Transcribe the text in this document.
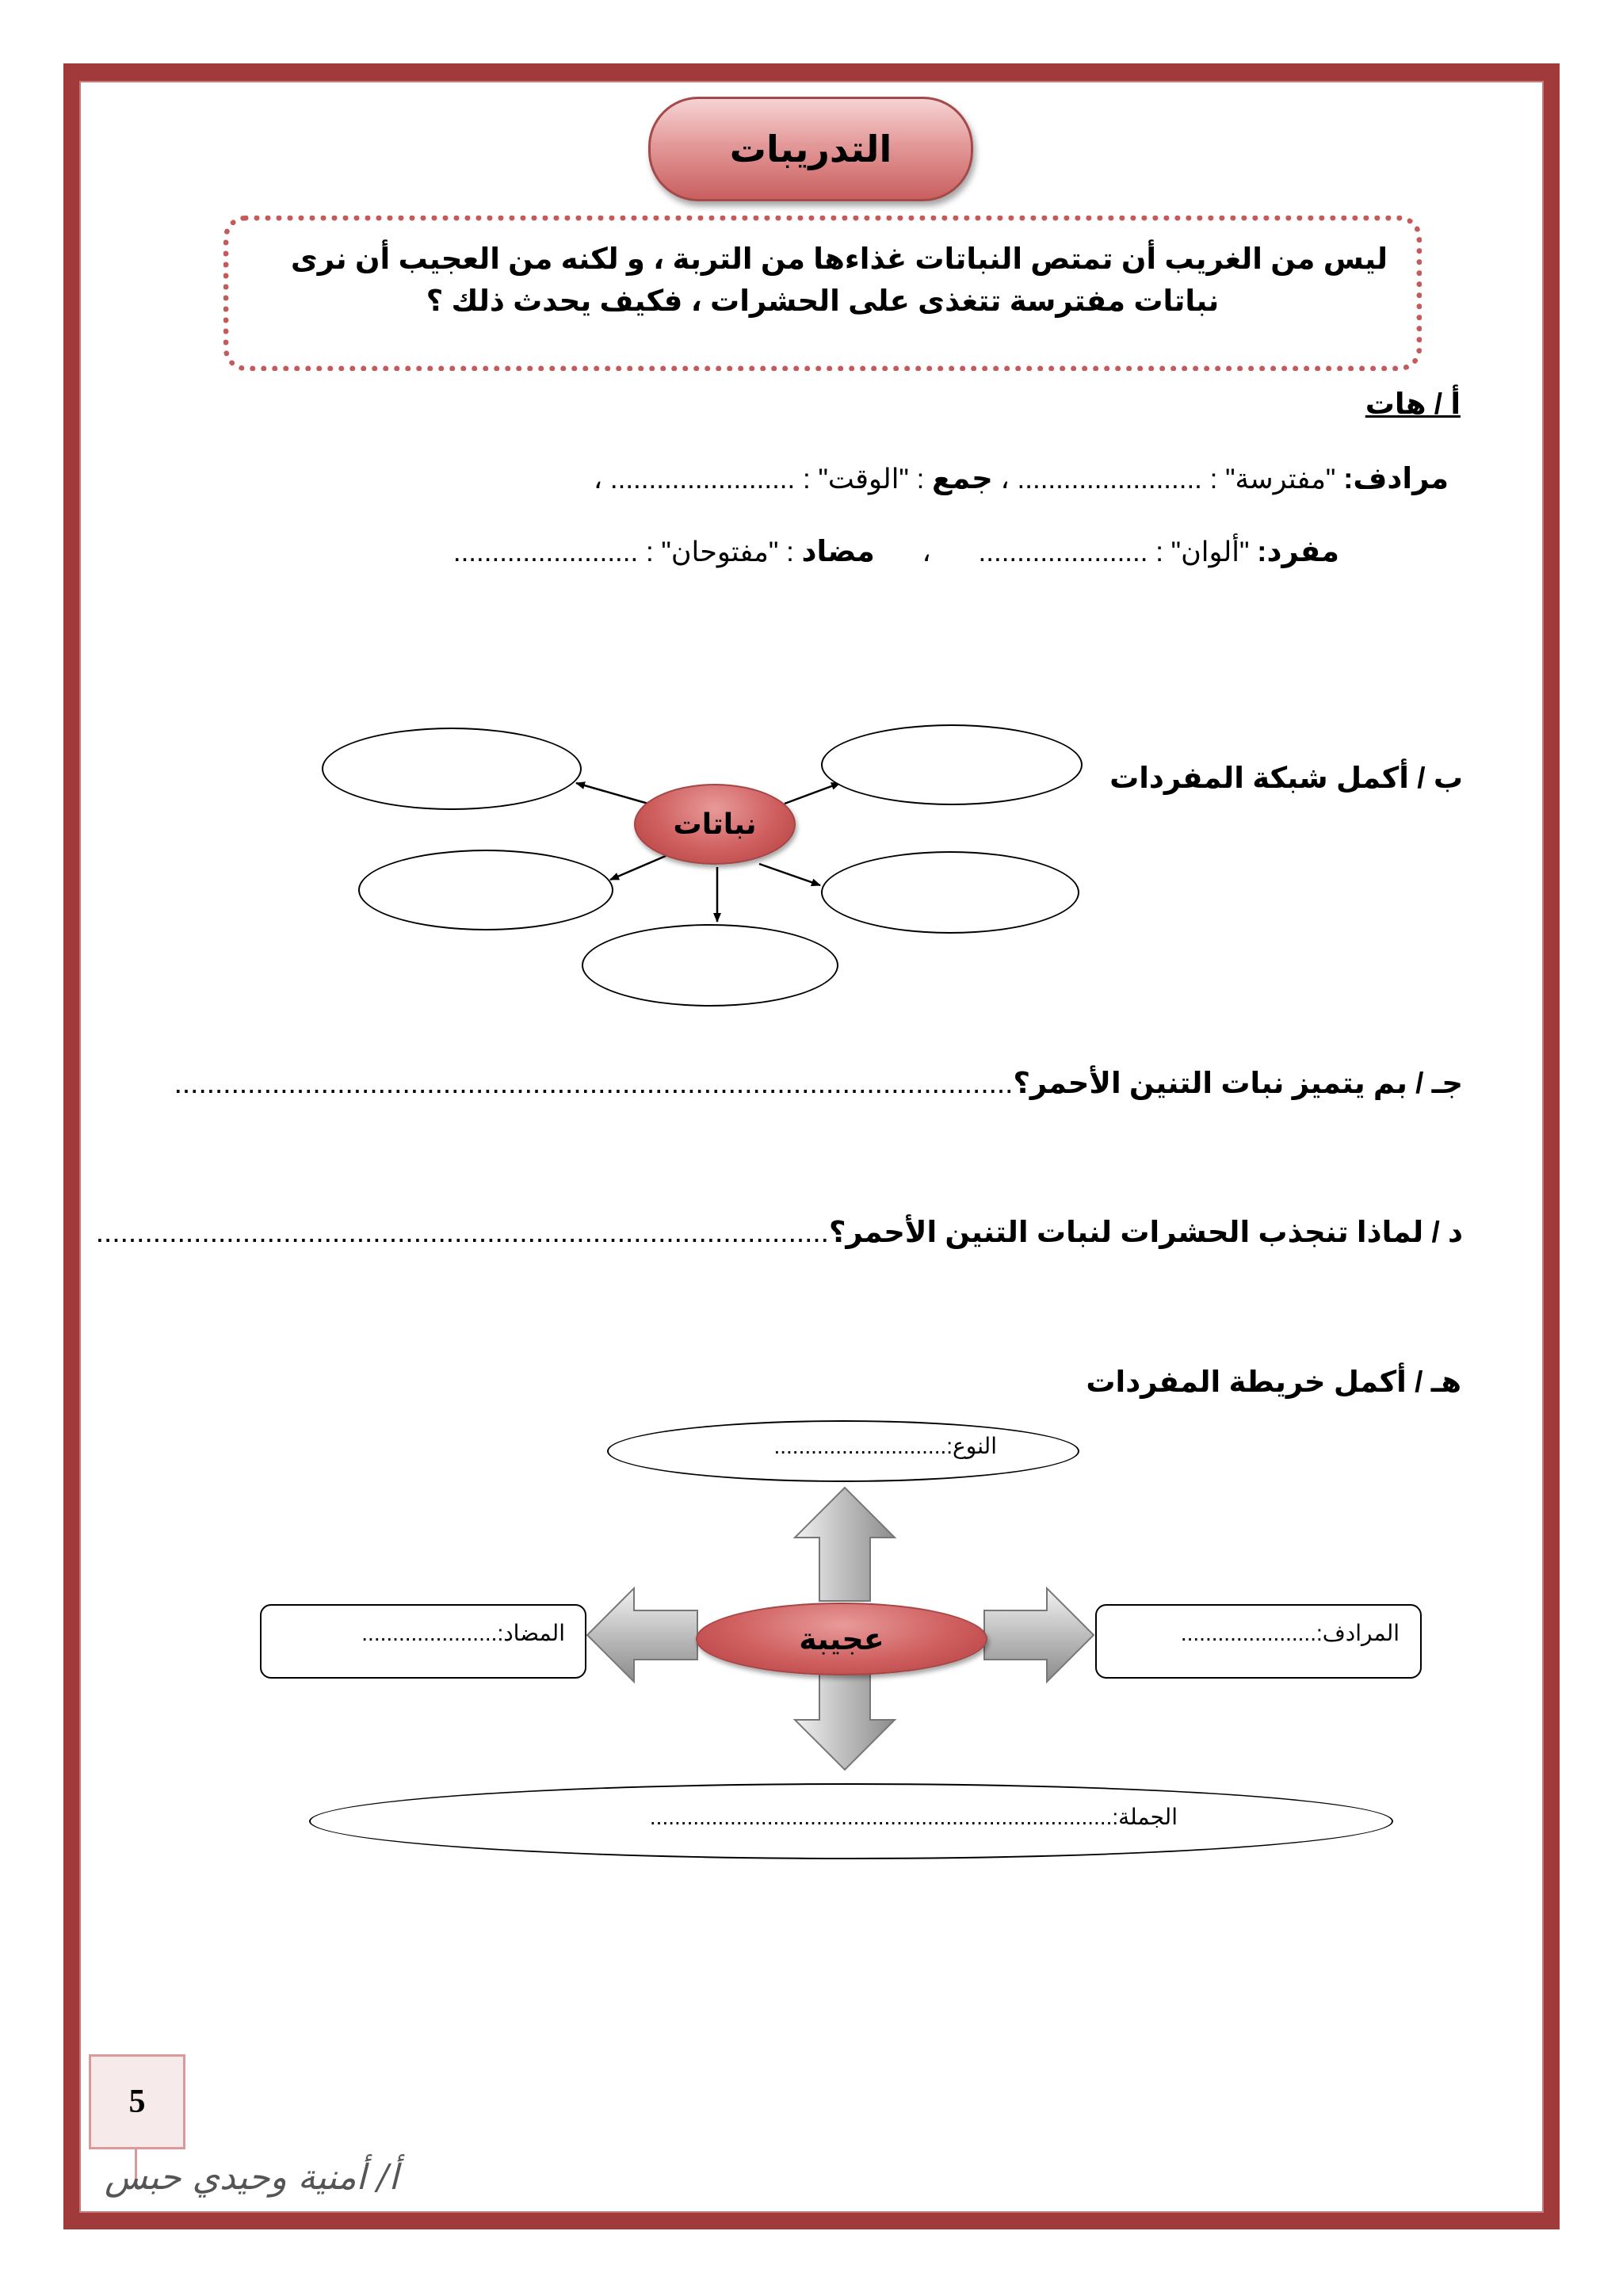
التدريبات
ليس من الغريب أن تمتص النباتات غذاءها من التربة ، و لكنه من العجيب أن نرى
نباتات مفترسة تتغذى على الحشرات ، فكيف يحدث ذلك ؟
أ / هات
مرادف: "مفترسة" : ........................ ، جمع : "الوقت" : ........................ ،
مفرد: "ألوان" : ...................... ، مضاد : "مفتوحان" : ........................
ب / أكمل شبكة المفردات
نباتات
جـ / بم يتميز نبات التنين الأحمر؟.......................................................................................................
د / لماذا تنجذب الحشرات لنبات التنين الأحمر؟..........................................................................................
هـ / أكمل خريطة المفردات
النوع:............................
المضاد:......................	المرادف:......................
عجيبة
الجملة:...........................................................................
5
أ/ أمنية وحيدي حبس
